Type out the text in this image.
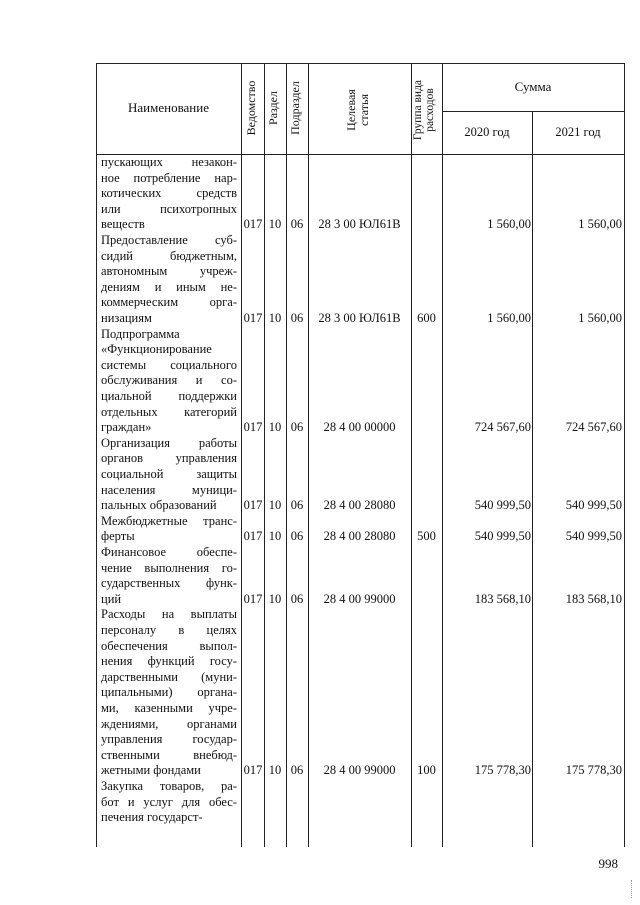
Наименование	Ведомство Раздел Подраздел	Целевая
статья	Группа вида расходов
Сумма
2020 год	2021 год
пускающих незакон-
ное потребление нар-
котических средств
или психотропных
веществ	017 10 06	28 3 00 ЮЛ61В	1 560,00	1 560,00
Предоставление суб-
сидий бюджетным,
автономным учреж-
дениям и иным не-
коммерческим орга-
низациям	017 10 06	28 3 00 ЮЛ61В	600	1 560,00	1 560,00
Подпрограмма
«Функционирование
системы социального
обслуживания и со-
циальной поддержки
отдельных категорий
граждан»	017 10 06	28 4 00 00000	724 567,60	724 567,60
Организация работы
органов управления
социальной защиты
населения муници-
пальных образований	017 10 06	28 4 00 28080	540 999,50	540 999,50
Межбюджетные транс-
ферты	017 10 06	28 4 00 28080	500	540 999,50	540 999,50
Финансовое обеспе-
чение выполнения го-
сударственных функ-
ций	017 10 06	28 4 00 99000	183 568,10	183 568,10
Расходы на выплаты
персоналу в целях
обеспечения выпол-
нения функций госу-
дарственными (муни-
ципальными) органа-
ми, казенными учре-
ждениями, органами
управления государ-
ственными внебюд-
жетными фондами	017 10 06	28 4 00 99000	100	175 778,30	175 778,30
Закупка товаров, ра-
бот и услуг для обес-
печения государст-
998
